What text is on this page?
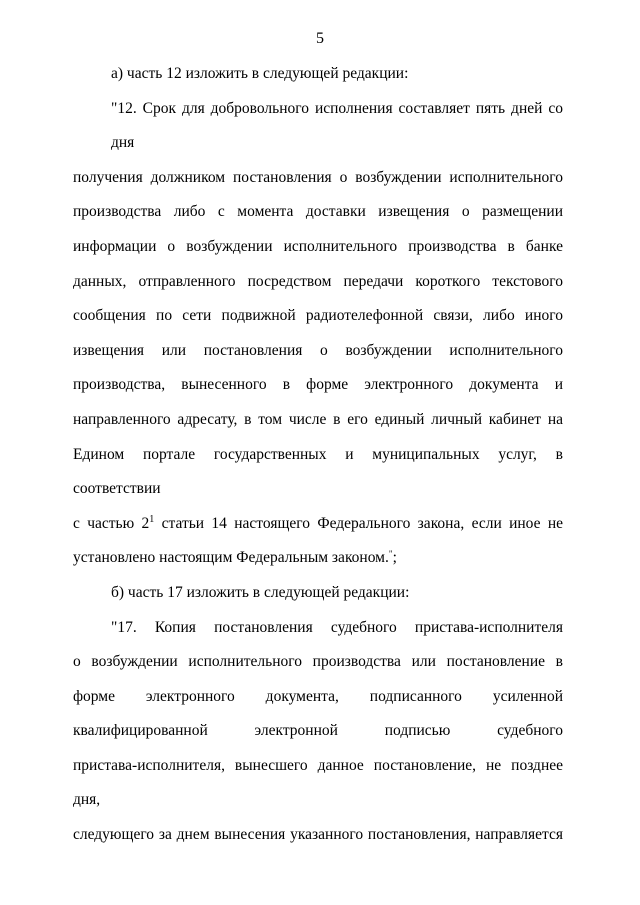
5
а) часть 12 изложить в следующей редакции:
"12. Срок для добровольного исполнения составляет пять дней со дня
получения должником постановления о возбуждении исполнительного
производства либо с момента доставки извещения о размещении
информации о возбуждении исполнительного производства в банке
данных, отправленного посредством передачи короткого текстового
сообщения по сети подвижной радиотелефонной связи, либо иного
извещения или постановления о возбуждении исполнительного
производства, вынесенного в форме электронного документа и
направленного адресату, в том числе в его единый личный кабинет на
Едином портале государственных и муниципальных услуг, в соответствии
с частью $2^1$ статьи 14 настоящего Федерального закона, если иное не
установлено настоящим Федеральным законом.";
б) часть 17 изложить в следующей редакции:
"17. Копия постановления судебного пристава-исполнителя
о возбуждении исполнительного производства или постановление в
форме электронного документа, подписанного усиленной
квалифицированной электронной подписью судебного
пристава-исполнителя, вынесшего данное постановление, не позднее дня,
следующего за днем вынесения указанного постановления, направляется
